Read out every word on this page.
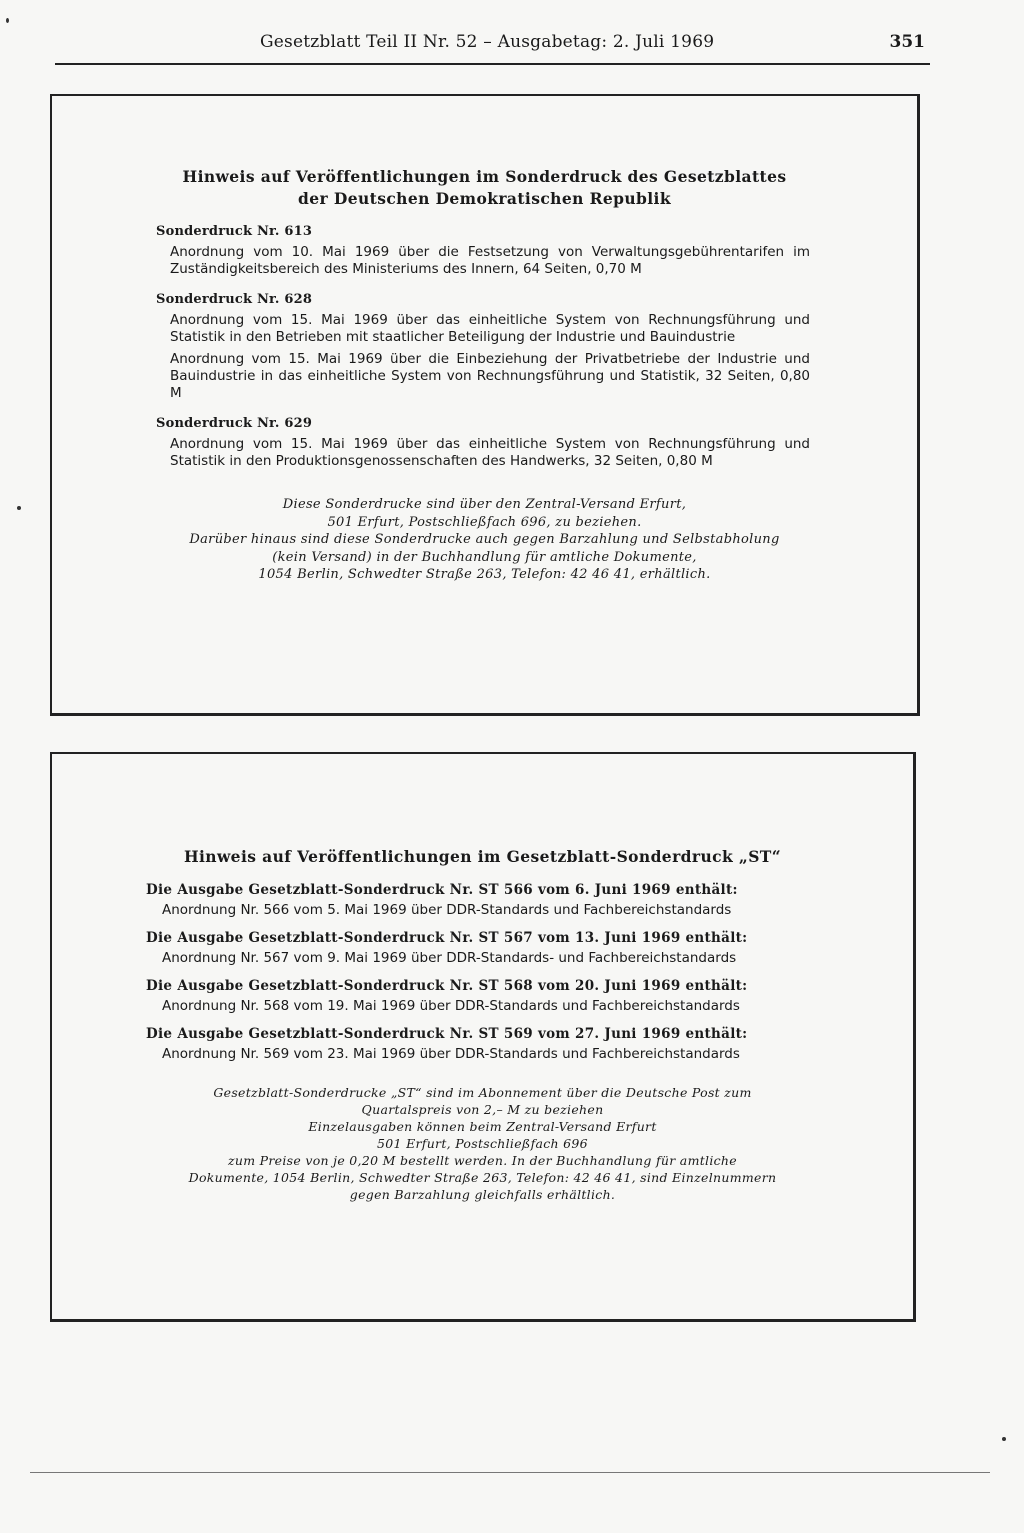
Gesetzblatt Teil II Nr. 52 – Ausgabetag: 2. Juli 1969	351
Hinweis auf Veröffentlichungen im Sonderdruck des Gesetzblattes
der Deutschen Demokratischen Republik
Sonderdruck Nr. 613
Anordnung vom 10. Mai 1969 über die Festsetzung von Verwaltungsgebührentarifen im Zuständigkeitsbereich des Ministeriums des Innern, 64 Seiten, 0,70 M
Sonderdruck Nr. 628
Anordnung vom 15. Mai 1969 über das einheitliche System von Rechnungsführung und Statistik in den Betrieben mit staatlicher Beteiligung der Industrie und Bauindustrie
Anordnung vom 15. Mai 1969 über die Einbeziehung der Privatbetriebe der Industrie und Bauindustrie in das einheitliche System von Rechnungsführung und Statistik, 32 Seiten, 0,80 M
Sonderdruck Nr. 629
Anordnung vom 15. Mai 1969 über das einheitliche System von Rechnungsführung und Statistik in den Produktionsgenossenschaften des Handwerks, 32 Seiten, 0,80 M
Diese Sonderdrucke sind über den Zentral-Versand Erfurt,
501 Erfurt, Postschließfach 696, zu beziehen.
Darüber hinaus sind diese Sonderdrucke auch gegen Barzahlung und Selbstabholung
(kein Versand) in der Buchhandlung für amtliche Dokumente,
1054 Berlin, Schwedter Straße 263, Telefon: 42 46 41, erhältlich.
Hinweis auf Veröffentlichungen im Gesetzblatt-Sonderdruck „ST“
Die Ausgabe Gesetzblatt-Sonderdruck Nr. ST 566 vom 6. Juni 1969 enthält:
Anordnung Nr. 566 vom 5. Mai 1969 über DDR-Standards und Fachbereichstandards
Die Ausgabe Gesetzblatt-Sonderdruck Nr. ST 567 vom 13. Juni 1969 enthält:
Anordnung Nr. 567 vom 9. Mai 1969 über DDR-Standards- und Fachbereichstandards
Die Ausgabe Gesetzblatt-Sonderdruck Nr. ST 568 vom 20. Juni 1969 enthält:
Anordnung Nr. 568 vom 19. Mai 1969 über DDR-Standards und Fachbereichstandards
Die Ausgabe Gesetzblatt-Sonderdruck Nr. ST 569 vom 27. Juni 1969 enthält:
Anordnung Nr. 569 vom 23. Mai 1969 über DDR-Standards und Fachbereichstandards
Gesetzblatt-Sonderdrucke „ST“ sind im Abonnement über die Deutsche Post zum
Quartalspreis von 2,– M zu beziehen
Einzelausgaben können beim Zentral-Versand Erfurt
501 Erfurt, Postschließfach 696
zum Preise von je 0,20 M bestellt werden. In der Buchhandlung für amtliche
Dokumente, 1054 Berlin, Schwedter Straße 263, Telefon: 42 46 41, sind Einzelnummern
gegen Barzahlung gleichfalls erhältlich.
